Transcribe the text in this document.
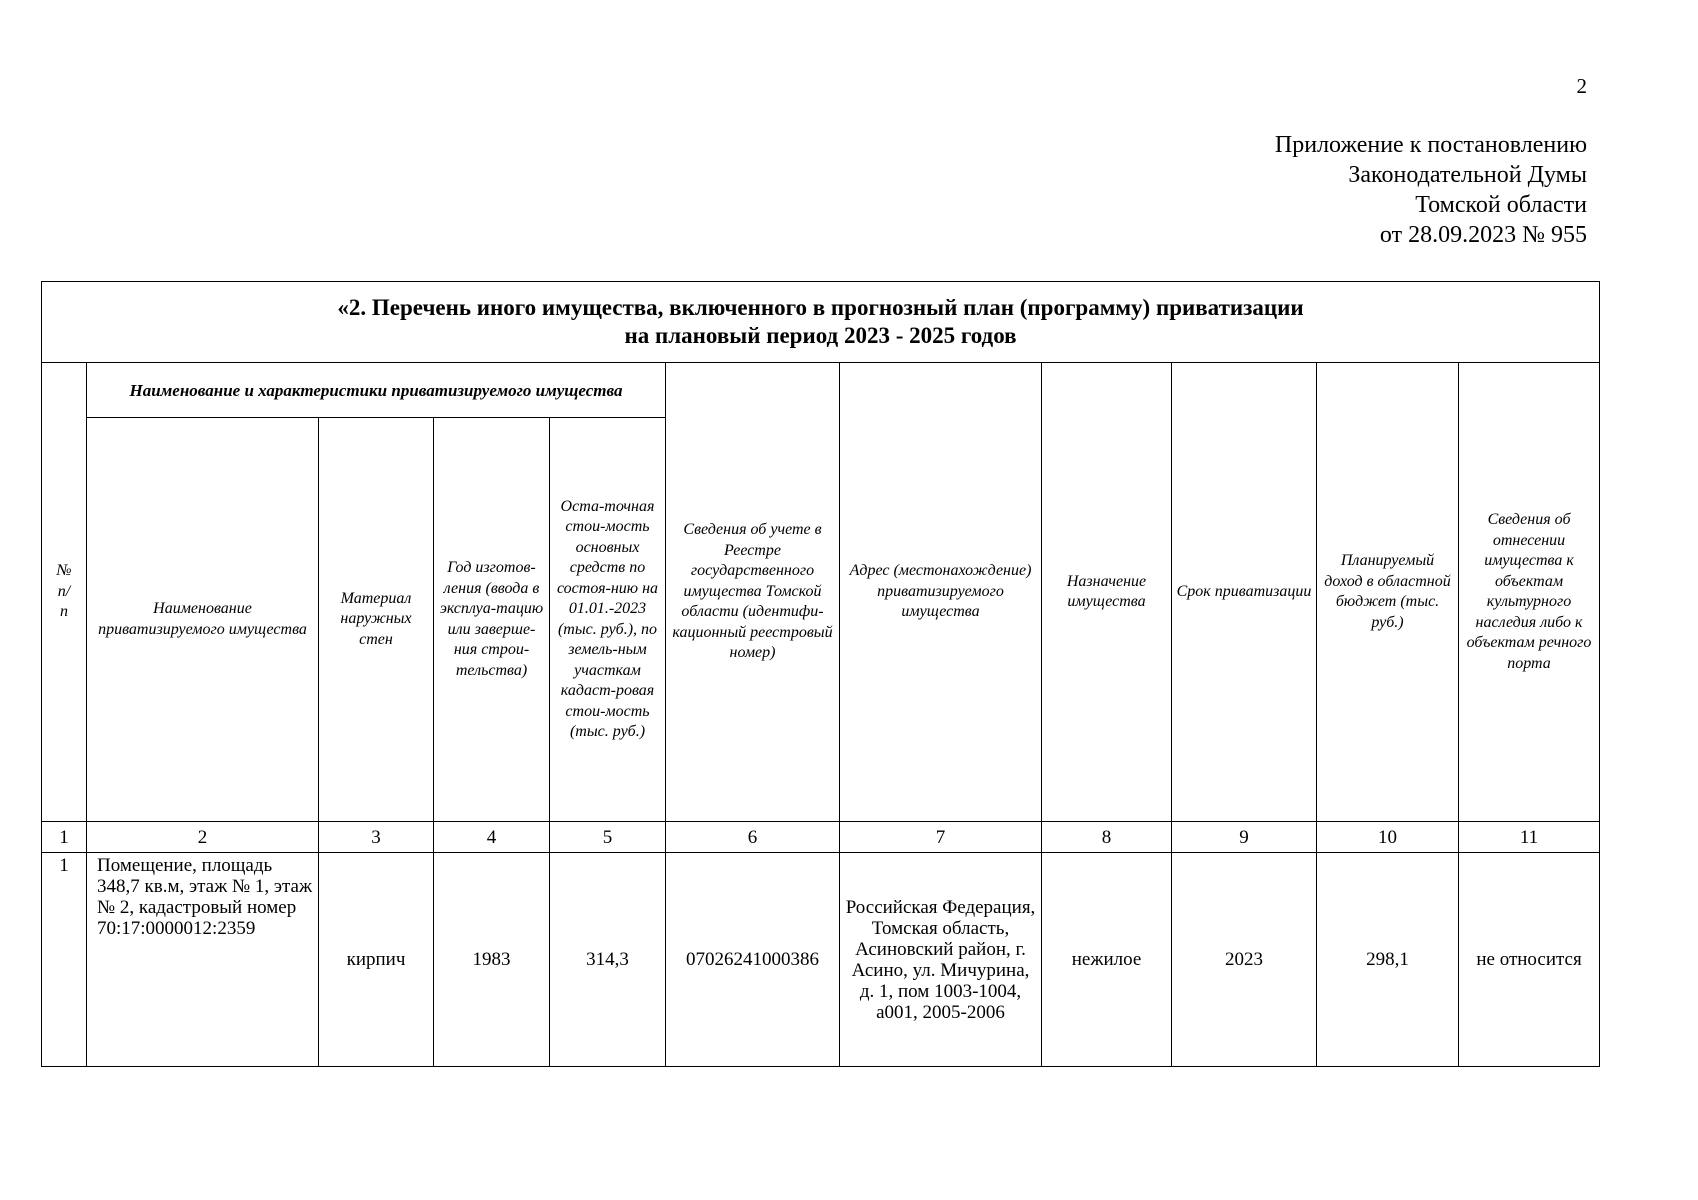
2
Приложение к постановлению
Законодательной Думы
Томской области
от 28.09.2023 № 955
«2. Перечень иного имущества, включенного в прогнозный план (программу) приватизации
на плановый период 2023 - 2025 годов										

№ п/ п	Наименование и характеристики приватизируемого имущества				Сведения об учете в Реестре государственного имущества Томской области (идентифи-кационный реестровый номер)	Адрес (местонахождение) приватизируемого имущества	Назначение имущества	Срок приватизации	Планируемый доход в областной бюджет (тыс. руб.)	Сведения об отнесении имущества к объектам культурного наследия либо к объектам речного порта
	Наименование приватизируемого имущества	Материал наружных стен	Год изготов-ления (ввода в эксплуа-тацию или заверше-ния строи-тельства)	Оста-точная стои-мость основных средств по состоя-нию на 01.01.-2023 (тыс. руб.), по земель-ным участкам кадаст-ровая стои-мость (тыс. руб.)						
1	2	3	4	5	6	7	8	9	10	11
1	Помещение, площадь 348,7 кв.м, этаж № 1, этаж № 2, кадастровый номер 70:17:0000012:2359	кирпич	1983	314,3	07026241000386	Российская Федерация, Томская область, Асиновский район, г. Асино, ул. Мичурина, д. 1, пом 1003-1004, а001, 2005-2006	нежилое	2023	298,1	не относится
